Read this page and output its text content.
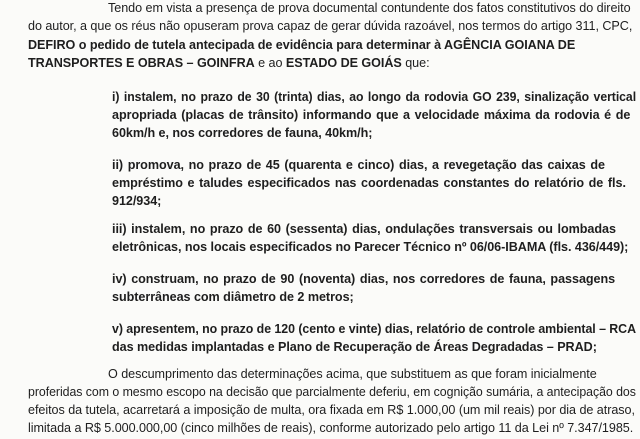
Tendo em vista a presença de prova documental contundente dos fatos constitutivos do direito
do autor, a que os réus não opuseram prova capaz de gerar dúvida razoável, nos termos do artigo 311, CPC,
DEFIRO o pedido de tutela antecipada de evidência para determinar à AGÊNCIA GOIANA DE
TRANSPORTES E OBRAS – GOINFRA e ao ESTADO DE GOIÁS que:
i) instalem, no prazo de 30 (trinta) dias, ao longo da rodovia GO 239, sinalização vertical
apropriada (placas de trânsito) informando que a velocidade máxima da rodovia é de
60km/h e, nos corredores de fauna, 40km/h;
ii) promova, no prazo de 45 (quarenta e cinco) dias, a revegetação das caixas de
empréstimo e taludes especificados nas coordenadas constantes do relatório de fls.
912/934;
iii) instalem, no prazo de 60 (sessenta) dias, ondulações transversais ou lombadas
eletrônicas, nos locais especificados no Parecer Técnico nº 06/06-IBAMA (fls. 436/449);
iv) construam, no prazo de 90 (noventa) dias, nos corredores de fauna, passagens
subterrâneas com diâmetro de 2 metros;
v) apresentem, no prazo de 120 (cento e vinte) dias, relatório de controle ambiental – RCA
das medidas implantadas e Plano de Recuperação de Áreas Degradadas – PRAD;
O descumprimento das determinações acima, que substituem as que foram inicialmente
proferidas com o mesmo escopo na decisão que parcialmente deferiu, em cognição sumária, a antecipação dos
efeitos da tutela, acarretará a imposição de multa, ora fixada em R$ 1.000,00 (um mil reais) por dia de atraso,
limitada a R$ 5.000.000,00 (cinco milhões de reais), conforme autorizado pelo artigo 11 da Lei nº 7.347/1985.
